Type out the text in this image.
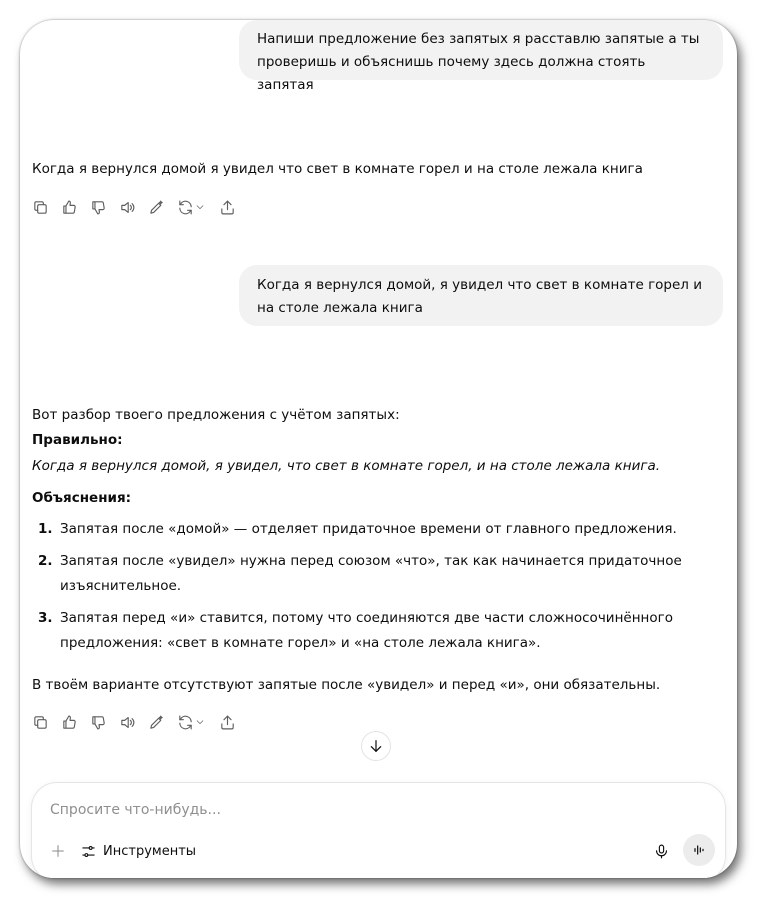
Напиши предложение без запятых я расставлю запятые а ты проверишь и объяснишь почему здесь должна стоять запятая
Когда я вернулся домой я увидел что свет в комнате горел и на столе лежала книга
Когда я вернулся домой, я увидел что свет в комнате горел и на столе лежала книга
Вот разбор твоего предложения с учётом запятых:
Правильно:
Когда я вернулся домой, я увидел, что свет в комнате горел, и на столе лежала книга.
Объяснения:
1. Запятая после «домой» — отделяет придаточное времени от главного предложения.
2. Запятая после «увидел» нужна перед союзом «что», так как начинается придаточное изъяснительное.
3. Запятая перед «и» ставится, потому что соединяются две части сложносочинённого предложения: «свет в комнате горел» и «на столе лежала книга».
В твоём варианте отсутствуют запятые после «увидел» и перед «и», они обязательны.
Спросите что-нибудь...
Инструменты
